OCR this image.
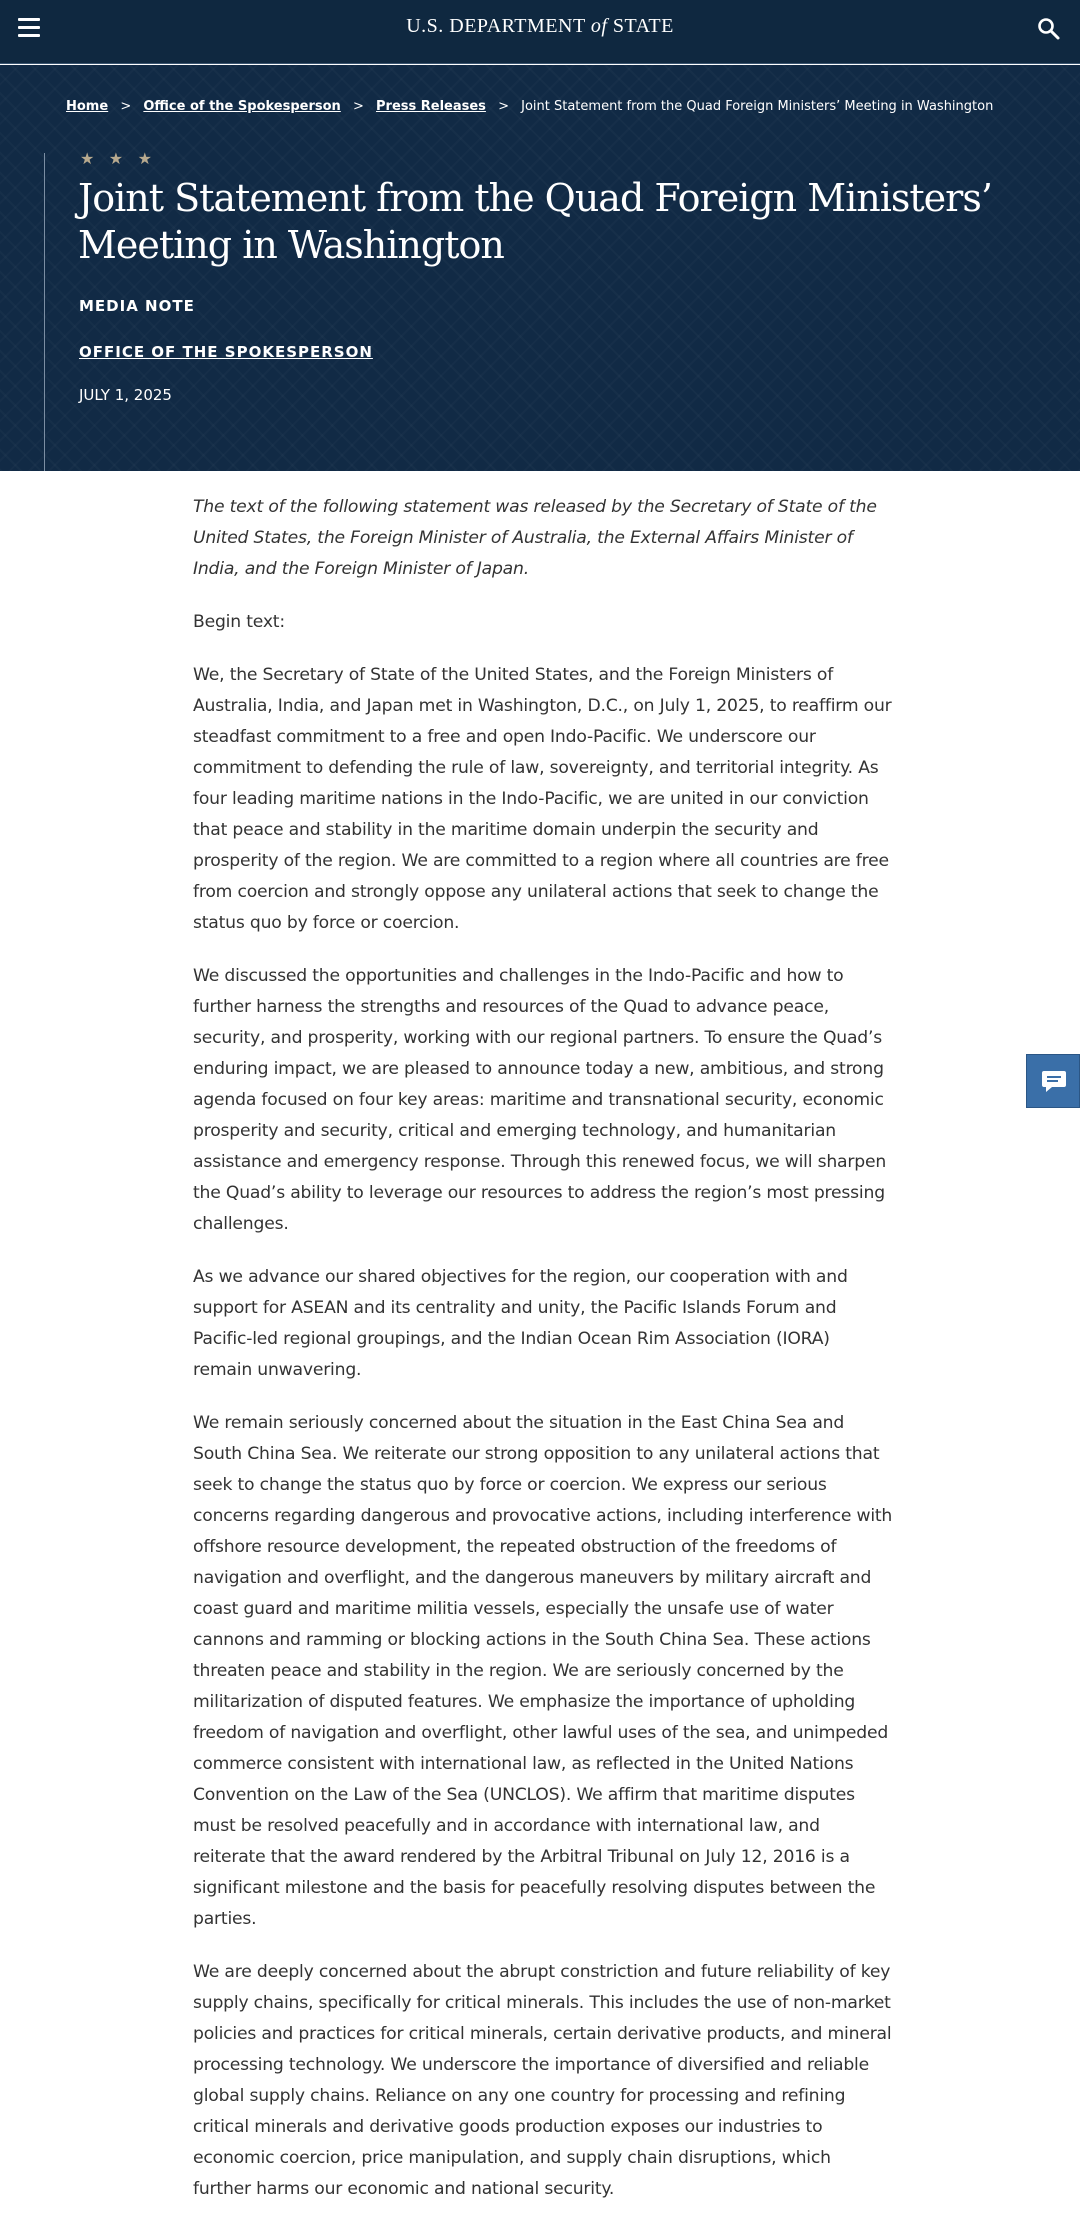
U.S. DEPARTMENT of STATE
Home > Office of the Spokesperson > Press Releases > Joint Statement from the Quad Foreign Ministers’ Meeting in Washington
★ ★ ★
Joint Statement from the Quad Foreign Ministers’ Meeting in Washington
MEDIA NOTE
OFFICE OF THE SPOKESPERSON
JULY 1, 2025

The text of the following statement was released by the Secretary of State of the United States, the Foreign Minister of Australia, the External Affairs Minister of India, and the Foreign Minister of Japan.

Begin text:

We, the Secretary of State of the United States, and the Foreign Ministers of Australia, India, and Japan met in Washington, D.C., on July 1, 2025, to reaffirm our steadfast commitment to a free and open Indo-Pacific. We underscore our commitment to defending the rule of law, sovereignty, and territorial integrity. As four leading maritime nations in the Indo-Pacific, we are united in our conviction that peace and stability in the maritime domain underpin the security and prosperity of the region. We are committed to a region where all countries are free from coercion and strongly oppose any unilateral actions that seek to change the status quo by force or coercion.

We discussed the opportunities and challenges in the Indo-Pacific and how to further harness the strengths and resources of the Quad to advance peace, security, and prosperity, working with our regional partners. To ensure the Quad’s enduring impact, we are pleased to announce today a new, ambitious, and strong agenda focused on four key areas: maritime and transnational security, economic prosperity and security, critical and emerging technology, and humanitarian assistance and emergency response. Through this renewed focus, we will sharpen the Quad’s ability to leverage our resources to address the region’s most pressing challenges.

As we advance our shared objectives for the region, our cooperation with and support for ASEAN and its centrality and unity, the Pacific Islands Forum and Pacific-led regional groupings, and the Indian Ocean Rim Association (IORA) remain unwavering.

We remain seriously concerned about the situation in the East China Sea and South China Sea. We reiterate our strong opposition to any unilateral actions that seek to change the status quo by force or coercion. We express our serious concerns regarding dangerous and provocative actions, including interference with offshore resource development, the repeated obstruction of the freedoms of navigation and overflight, and the dangerous maneuvers by military aircraft and coast guard and maritime militia vessels, especially the unsafe use of water cannons and ramming or blocking actions in the South China Sea. These actions threaten peace and stability in the region. We are seriously concerned by the militarization of disputed features. We emphasize the importance of upholding freedom of navigation and overflight, other lawful uses of the sea, and unimpeded commerce consistent with international law, as reflected in the United Nations Convention on the Law of the Sea (UNCLOS). We affirm that maritime disputes must be resolved peacefully and in accordance with international law, and reiterate that the award rendered by the Arbitral Tribunal on July 12, 2016 is a significant milestone and the basis for peacefully resolving disputes between the parties.

We are deeply concerned about the abrupt constriction and future reliability of key supply chains, specifically for critical minerals. This includes the use of non-market policies and practices for critical minerals, certain derivative products, and mineral processing technology. We underscore the importance of diversified and reliable global supply chains. Reliance on any one country for processing and refining critical minerals and derivative goods production exposes our industries to economic coercion, price manipulation, and supply chain disruptions, which further harms our economic and national security.
